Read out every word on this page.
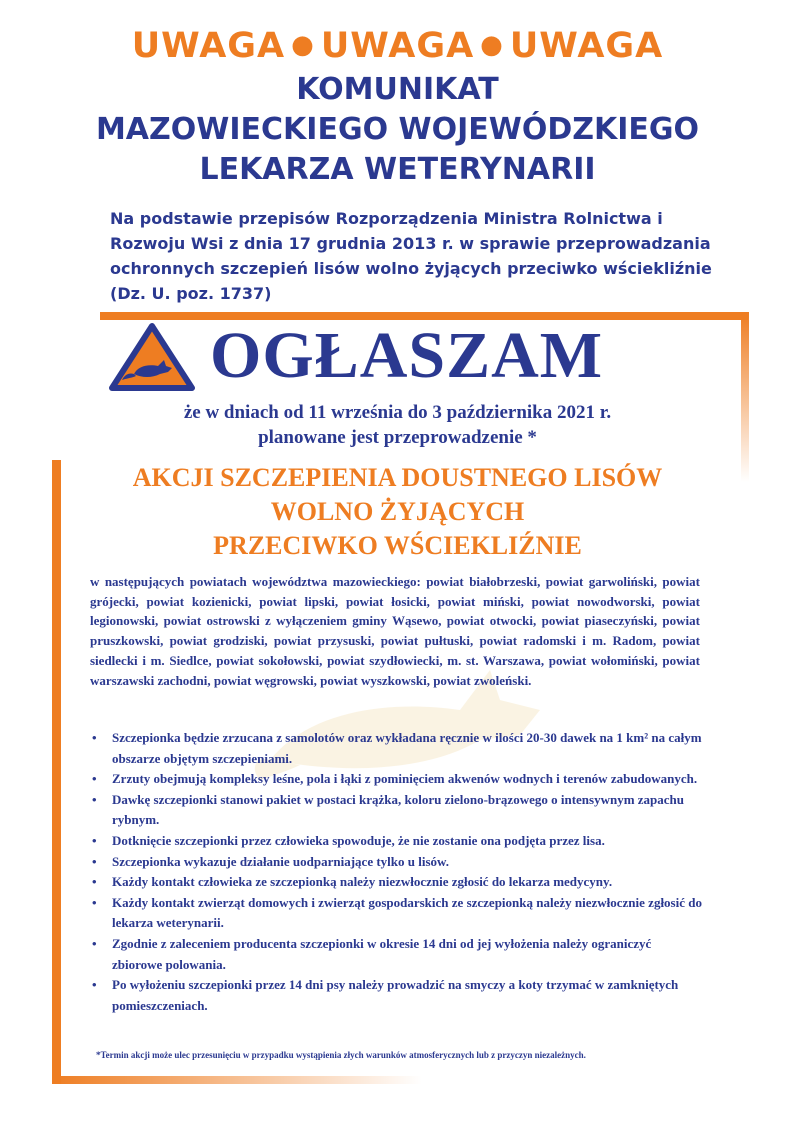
UWAGA ● UWAGA ● UWAGA
KOMUNIKAT
MAZOWIECKIEGO WOJEWÓDZKIEGO
LEKARZA WETERYNARII
Na podstawie przepisów Rozporządzenia Ministra Rolnictwa i Rozwoju Wsi z dnia 17 grudnia 2013 r. w sprawie przeprowadzania ochronnych szczepień lisów wolno żyjących przeciwko wściekliźnie (Dz. U. poz. 1737)
OGŁASZAM
że w dniach od 11 września do 3 października 2021 r.
planowane jest przeprowadzenie *
AKCJI SZCZEPIENIA DOUSTNEGO LISÓW
WOLNO ŻYJĄCYCH
PRZECIWKO WŚCIEKLIŹNIE
w następujących powiatach województwa mazowieckiego: powiat białobrzeski, powiat garwoliński, powiat grójecki, powiat kozienicki, powiat lipski, powiat łosicki, powiat miński, powiat nowodworski, powiat legionowski, powiat ostrowski z wyłączeniem gminy Wąsewo, powiat otwocki, powiat piaseczyński, powiat pruszkowski, powiat grodziski, powiat przysuski, powiat pułtuski, powiat radomski i m. Radom, powiat siedlecki i m. Siedlce, powiat sokołowski, powiat szydłowiecki, m. st. Warszawa, powiat wołomiński, powiat warszawski zachodni, powiat węgrowski, powiat wyszkowski, powiat zwoleński.
• Szczepionka będzie zrzucana z samolotów oraz wykładana ręcznie w ilości 20-30 dawek na 1 km² na całym obszarze objętym szczepieniami.
• Zrzuty obejmują kompleksy leśne, pola i łąki z pominięciem akwenów wodnych i terenów zabudowanych.
• Dawkę szczepionki stanowi pakiet w postaci krążka, koloru zielono-brązowego o intensywnym zapachu rybnym.
• Dotknięcie szczepionki przez człowieka spowoduje, że nie zostanie ona podjęta przez lisa.
• Szczepionka wykazuje działanie uodparniające tylko u lisów.
• Każdy kontakt człowieka ze szczepionką należy niezwłocznie zgłosić do lekarza medycyny.
• Każdy kontakt zwierząt domowych i zwierząt gospodarskich ze szczepionką należy niezwłocznie zgłosić do lekarza weterynarii.
• Zgodnie z zaleceniem producenta szczepionki w okresie 14 dni od jej wyłożenia należy ograniczyć zbiorowe polowania.
• Po wyłożeniu szczepionki przez 14 dni psy należy prowadzić na smyczy a koty trzymać w zamkniętych pomieszczeniach.
*Termin akcji może ulec przesunięciu w przypadku wystąpienia złych warunków atmosferycznych lub z przyczyn niezależnych.
